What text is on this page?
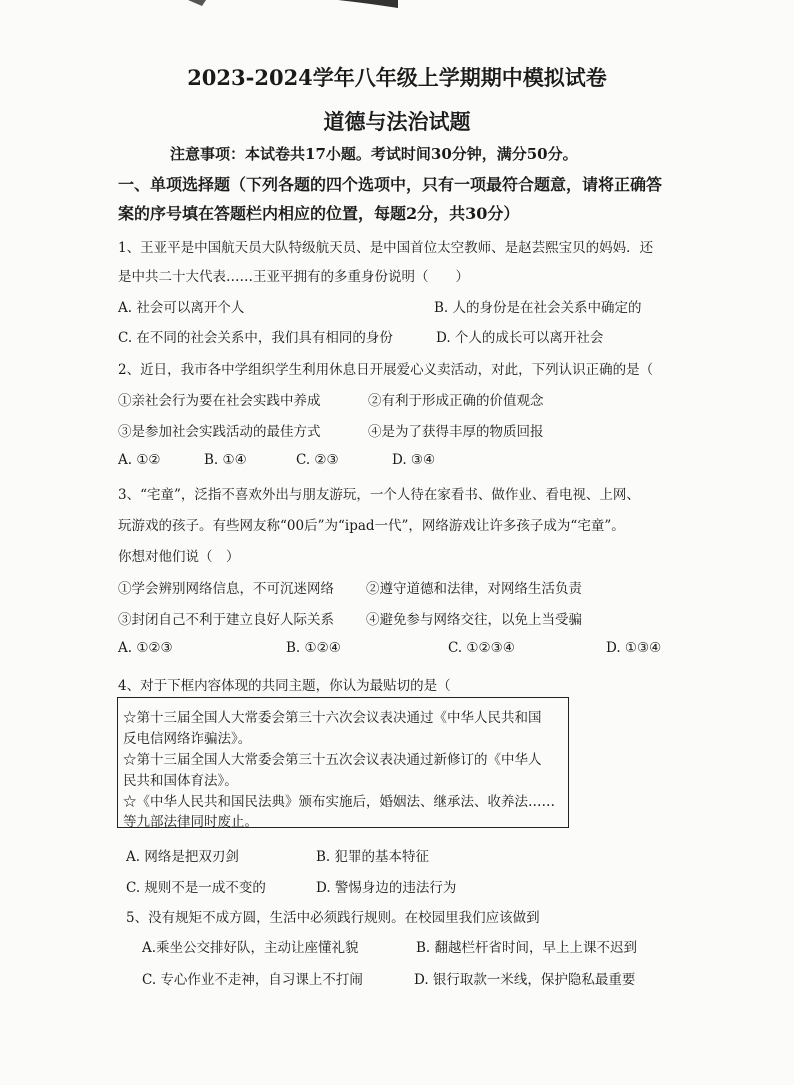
2023-2024学年八年级上学期期中模拟试卷
道德与法治试题
注意事项：本试卷共17小题。考试时间30分钟，满分50分。
一、单项选择题（下列各题的四个选项中，只有一项最符合题意，请将正确答
案的序号填在答题栏内相应的位置，每题2分，共30分）
1、王亚平是中国航天员大队特级航天员、是中国首位太空教师、是赵芸熙宝贝的妈妈．还
是中共二十大代表……王亚平拥有的多重身份说明（　　）
A. 社会可以离开个人	B. 人的身份是在社会关系中确定的
C. 在不同的社会关系中，我们具有相同的身份	D. 个人的成长可以离开社会
2、近日，我市各中学组织学生利用休息日开展爱心义卖活动，对此，下列认识正确的是（
①亲社会行为要在社会实践中养成	②有利于形成正确的价值观念
③是参加社会实践活动的最佳方式	④是为了获得丰厚的物质回报
A. ①②	B. ①④	C. ②③	D. ③④
3、“宅童”，泛指不喜欢外出与朋友游玩，一个人待在家看书、做作业、看电视、上网、
玩游戏的孩子。有些网友称“00后”为“ipad一代”，网络游戏让许多孩子成为“宅童”。
你想对他们说（　）
①学会辨别网络信息，不可沉迷网络 ②遵守道德和法律，对网络生活负责
③封闭自己不利于建立良好人际关系 ④避免参与网络交往，以免上当受骗
A. ①②③	B. ①②④	C. ①②③④	D. ①③④
4、对于下框内容体现的共同主题，你认为最贴切的是（
☆第十三届全国人大常委会第三十六次会议表决通过《中华人民共和国
反电信网络诈骗法》。
☆第十三届全国人大常委会第三十五次会议表决通过新修订的《中华人
民共和国体育法》。
☆《中华人民共和国民法典》颁布实施后，婚姻法、继承法、收养法……
等九部法律同时废止。
A. 网络是把双刃剑	B. 犯罪的基本特征
C. 规则不是一成不变的	D. 警惕身边的违法行为
5、没有规矩不成方圆，生活中必须践行规则。在校园里我们应该做到
A.乘坐公交排好队，主动让座懂礼貌	B. 翻越栏杆省时间，早上上课不迟到
C. 专心作业不走神，自习课上不打闹	D. 银行取款一米线，保护隐私最重要
